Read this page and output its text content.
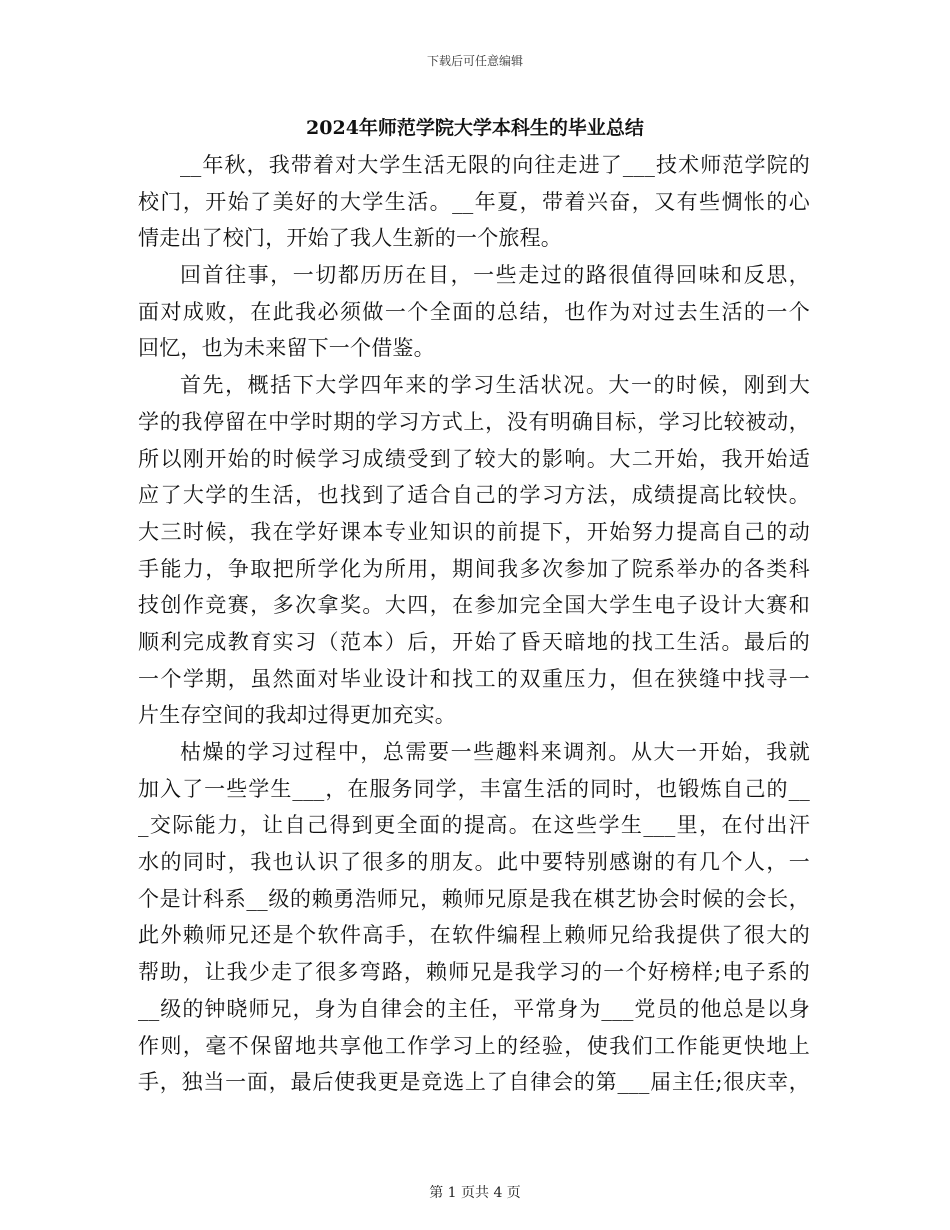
下载后可任意编辑
2024年师范学院大学本科生的毕业总结
__年秋，我带着对大学生活无限的向往走进了___技术师范学院的
校门，开始了美好的大学生活。__年夏，带着兴奋，又有些惆怅的心
情走出了校门，开始了我人生新的一个旅程。
回首往事，一切都历历在目，一些走过的路很值得回味和反思，
面对成败，在此我必须做一个全面的总结，也作为对过去生活的一个
回忆，也为未来留下一个借鉴。
首先，概括下大学四年来的学习生活状况。大一的时候，刚到大
学的我停留在中学时期的学习方式上，没有明确目标，学习比较被动，
所以刚开始的时候学习成绩受到了较大的影响。大二开始，我开始适
应了大学的生活，也找到了适合自己的学习方法，成绩提高比较快。
大三时候，我在学好课本专业知识的前提下，开始努力提高自己的动
手能力，争取把所学化为所用，期间我多次参加了院系举办的各类科
技创作竞赛，多次拿奖。大四，在参加完全国大学生电子设计大赛和
顺利完成教育实习（范本）后，开始了昏天暗地的找工生活。最后的
一个学期，虽然面对毕业设计和找工的双重压力，但在狭缝中找寻一
片生存空间的我却过得更加充实。
枯燥的学习过程中，总需要一些趣料来调剂。从大一开始，我就
加入了一些学生___，在服务同学，丰富生活的同时，也锻炼自己的__
_交际能力，让自己得到更全面的提高。在这些学生___里，在付出汗
水的同时，我也认识了很多的朋友。此中要特别感谢的有几个人，一
个是计科系__级的赖勇浩师兄，赖师兄原是我在棋艺协会时候的会长，
此外赖师兄还是个软件高手，在软件编程上赖师兄给我提供了很大的
帮助，让我少走了很多弯路，赖师兄是我学习的一个好榜样;电子系的
__级的钟晓师兄，身为自律会的主任，平常身为___党员的他总是以身
作则，毫不保留地共享他工作学习上的经验，使我们工作能更快地上
手，独当一面，最后使我更是竞选上了自律会的第___届主任;很庆幸，
第 1 页共 4 页
